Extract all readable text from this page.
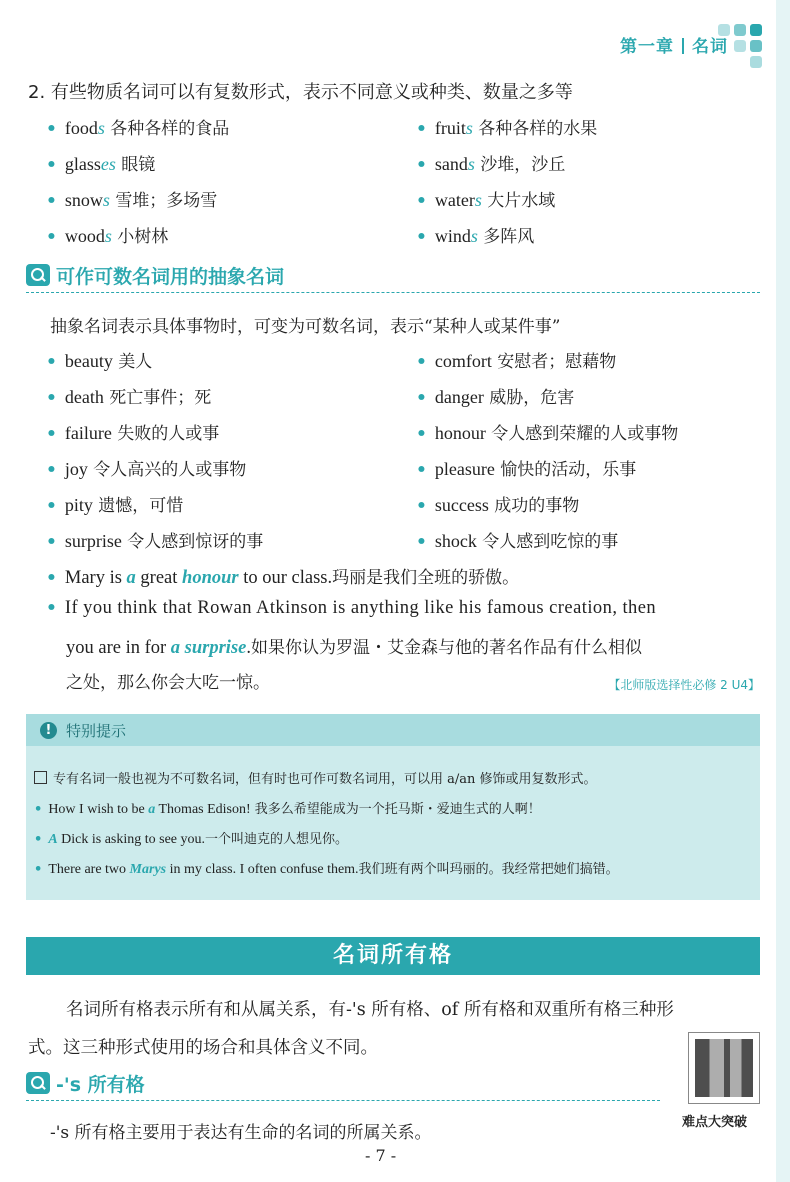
第一章 名词
2. 有些物质名词可以有复数形式，表示不同意义或种类、数量之多等
• foods 各种各样的食品	• fruits 各种各样的水果
• glasses 眼镜	• sands 沙堆，沙丘
• snows 雪堆；多场雪	• waters 大片水域
• woods 小树林	• winds 多阵风
可作可数名词用的抽象名词
抽象名词表示具体事物时，可变为可数名词，表示“某种人或某件事”
• beauty 美人	• comfort 安慰者；慰藉物
• death 死亡事件；死	• danger 威胁，危害
• failure 失败的人或事	• honour 令人感到荣耀的人或事物
• joy 令人高兴的人或事物	• pleasure 愉快的活动，乐事
• pity 遗憾，可惜	• success 成功的事物
• surprise 令人感到惊讶的事	• shock 令人感到吃惊的事
• Mary is a great honour to our class.玛丽是我们全班的骄傲。
• If you think that Rowan Atkinson is anything like his famous creation, then
you are in for a surprise.如果你认为罗温・艾金森与他的著名作品有什么相似
之处，那么你会大吃一惊。	【北师版选择性必修 2 U4】
! 特别提示
专有名词一般也视为不可数名词，但有时也可作可数名词用，可以用 a/an 修饰或用复数形式。
• How I wish to be a Thomas Edison! 我多么希望能成为一个托马斯・爱迪生式的人啊！
• A Dick is asking to see you.一个叫迪克的人想见你。
• There are two Marys in my class. I often confuse them.我们班有两个叫玛丽的。我经常把她们搞错。
名词所有格
名词所有格表示所有和从属关系，有-'s 所有格、of 所有格和双重所有格三种形
式。这三种形式使用的场合和具体含义不同。
-'s 所有格
-'s 所有格主要用于表达有生命的名词的所属关系。
难点大突破
- 7 -
